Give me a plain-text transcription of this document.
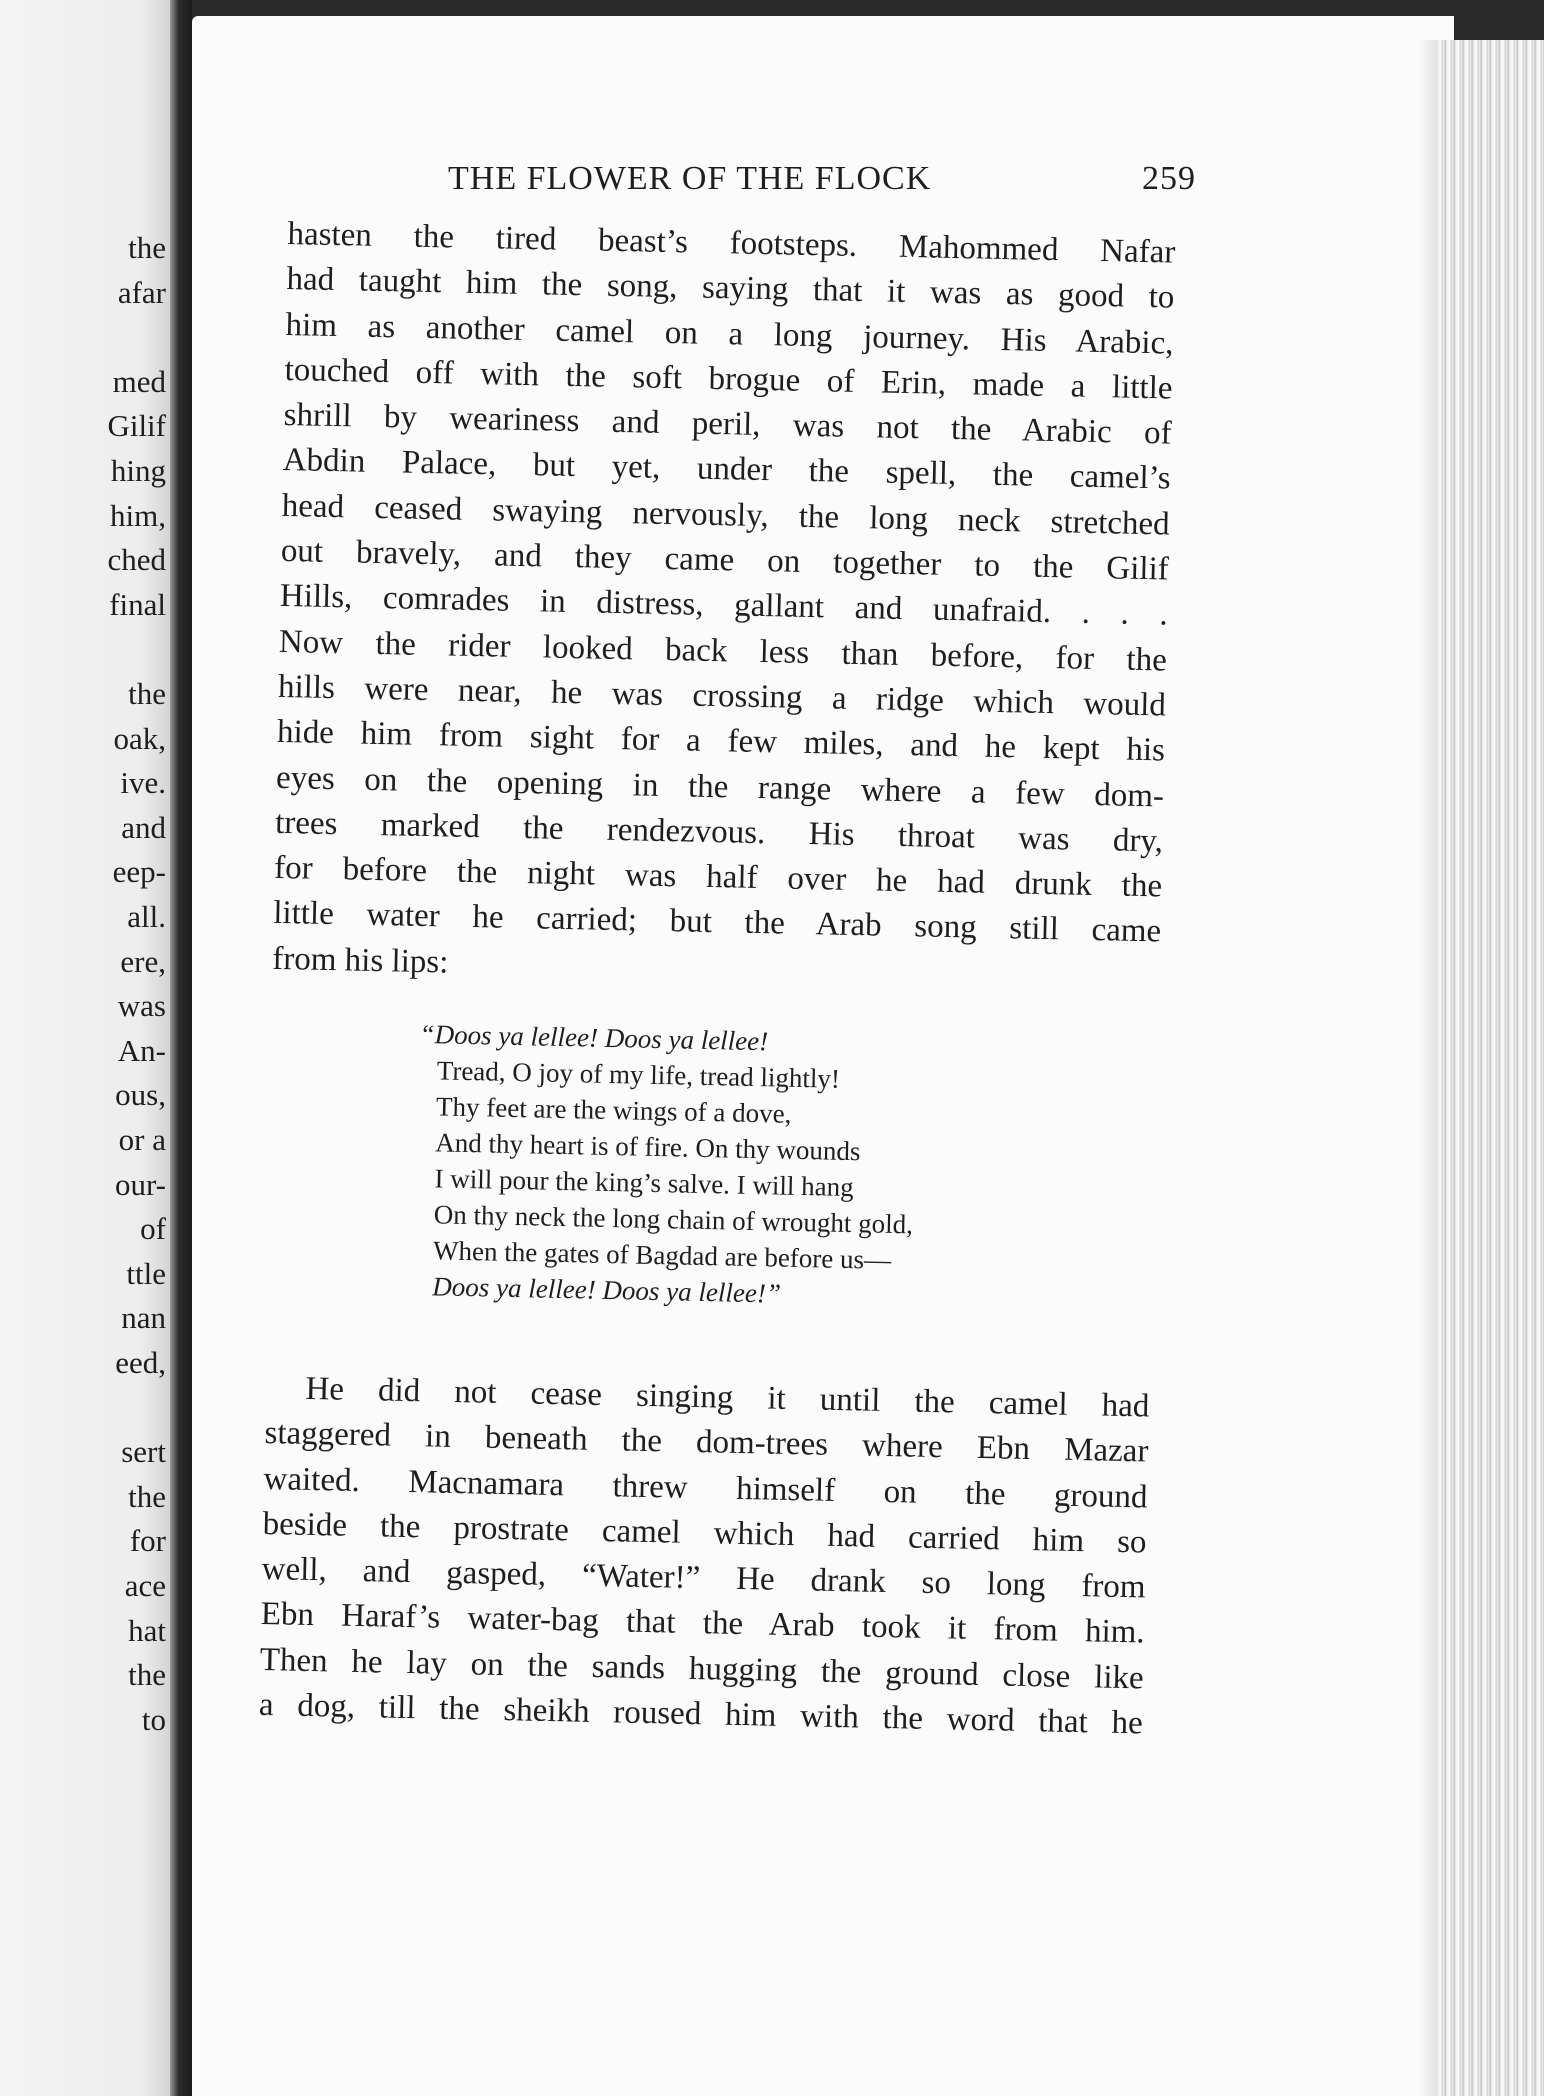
the
afar
med
Gilif
hing
him,
ched
final
the
oak,
ive.
and
eep-
all.
ere,
was
An-
ous,
or a
our-
of
ttle
nan
eed,
sert
the
for
ace
hat
the
to
THE FLOWER OF THE FLOCK	259
hasten the tired beast’s footsteps. Mahommed Nafar
had taught him the song, saying that it was as good to
him as another camel on a long journey. His Arabic,
touched off with the soft brogue of Erin, made a little
shrill by weariness and peril, was not the Arabic of
Abdin Palace, but yet, under the spell, the camel’s
head ceased swaying nervously, the long neck stretched
out bravely, and they came on together to the Gilif
Hills, comrades in distress, gallant and unafraid. . . .
Now the rider looked back less than before, for the
hills were near, he was crossing a ridge which would
hide him from sight for a few miles, and he kept his
eyes on the opening in the range where a few dom-
trees marked the rendezvous. His throat was dry,
for before the night was half over he had drunk the
little water he carried; but the Arab song still came
from his lips:
“Doos ya lellee! Doos ya lellee!
Tread, O joy of my life, tread lightly!
Thy feet are the wings of a dove,
And thy heart is of fire. On thy wounds
I will pour the king’s salve. I will hang
On thy neck the long chain of wrought gold,
When the gates of Bagdad are before us—
Doos ya lellee! Doos ya lellee!”
He did not cease singing it until the camel had
staggered in beneath the dom-trees where Ebn Mazar
waited. Macnamara threw himself on the ground
beside the prostrate camel which had carried him so
well, and gasped, “Water!” He drank so long from
Ebn Haraf’s water-bag that the Arab took it from him.
Then he lay on the sands hugging the ground close like
a dog, till the sheikh roused him with the word that he
